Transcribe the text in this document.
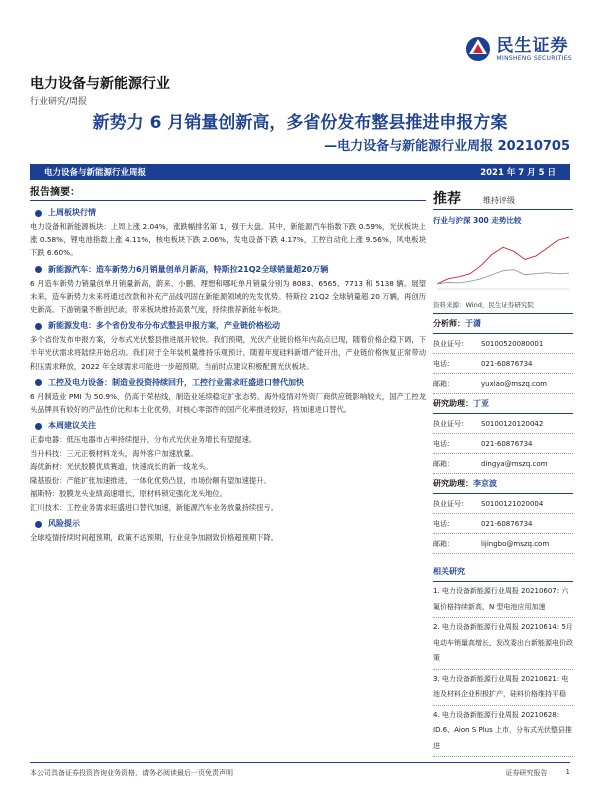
民生证券
MINSHENG SECURITIES
电力设备与新能源行业
行业研究/周报
新势力 6 月销量创新高，多省份发布整县推进申报方案
—电力设备与新能源行业周报 20210705
电力设备与新能源行业周报	2021 年 7 月 5 日
报告摘要：
上周板块行情
电力设备和新能源板块：上周上涨 2.04%，涨跌幅排名第 1，强于大盘。其中，新能源汽车指数下跌 0.59%，光伏板块上涨 0.58%，锂电池指数上涨 4.11%，核电板块下跌 2.06%，发电设备下跌 4.17%，工控自动化上涨 9.56%，风电板块下跌 6.60%。
新能源汽车： 造车新势力6月销量创单月新高，特斯拉21Q2全球销量超20万辆
6 月造车新势力销量创单月销量新高，蔚来、小鹏、理想和哪吒单月销量分别为 8083、6565、7713 和 5138 辆。展望未来，造车新势力未来将通过改款和补充产品线巩固在新能源领域的先发优势。特斯拉 21Q2 全球销量超 20 万辆，再创历史新高。下游销量不断创纪录，带来板块维持高景气度，持续推荐新能车板块。
新能源发电： 多个省份发布分布式整县申报方案，产业链价格松动
多个省份发布申报方案，分布式光伏整县推进展开较快。我们预期，光伏产业链价格年内高点已现，随着价格企稳下调，下半年光伏需求将陆续开始启动。我们对于全年装机量维持乐观预计，随着年度硅料新增产能开出，产业链价格恢复正常带动积压需求释放，2022 年全球需求可能进一步超预期。当前时点建议积极配置光伏板块。
工控及电力设备： 制造业投资持续回升，工控行业需求旺盛进口替代加快
6 月制造业 PMI 为 50.9%，仍高于荣枯线，制造业延续稳定扩张态势。海外疫情对外资厂商供应链影响较大，国产工控龙头品牌具有较好的产品性价比和本土化优势，对核心零部件的国产化率推进较好，将加速进口替代。
本周建议关注
正泰电器：低压电器市占率持续提升，分布式光伏业务增长有望提速。
当升科技：三元正极材料龙头，海外客户加速放量。
海优新材：光伏胶膜优质赛道，快速成长的新一线龙头。
隆基股份：产能扩张加速推进，一体化优势凸显，市场份额有望加速提升。
福斯特：胶膜龙头业绩高速增长，原材料锁定强化龙头地位。
汇川技术：工控业务需求旺盛进口替代加速，新能源汽车业务放量持续扭亏。
风险提示
全球疫情持续时间超预期，政策不达预期，行业竞争加剧致价格超预期下降。
推荐	维持评级
行业与沪深 300 走势比较
资料来源：Wind，民生证券研究院
分析师：于潇
执业证号：	S0100520080001
电话：	021-60876734
邮箱：	yuxiao@mszq.com
研究助理：丁亚
执业证号：	S0100120120042
电话：	021-60876734
邮箱：	dingya@mszq.com
研究助理：李京波
执业证号：	S0100121020004
电话：	021-60876734
邮箱：	lijingbo@mszq.com
相关研究
1. 电力设备新能源行业周报 20210607: 六氟价格持续新高，N 型电池应用加速
2. 电力设备新能源行业周报 20210614: 5月电动车销量高增长，发改委出台新能源电价政策
3. 电力设备新能源行业周报 20210621: 电池及材料企业积极扩产，硅料价格维持平稳
4. 电力设备新能源行业周报 20210628: ID.6、Aion S Plus 上市，分布式光伏整县推进
本公司具备证券投资咨询业务资格，请务必阅读最后一页免责声明	证券研究报告	1
